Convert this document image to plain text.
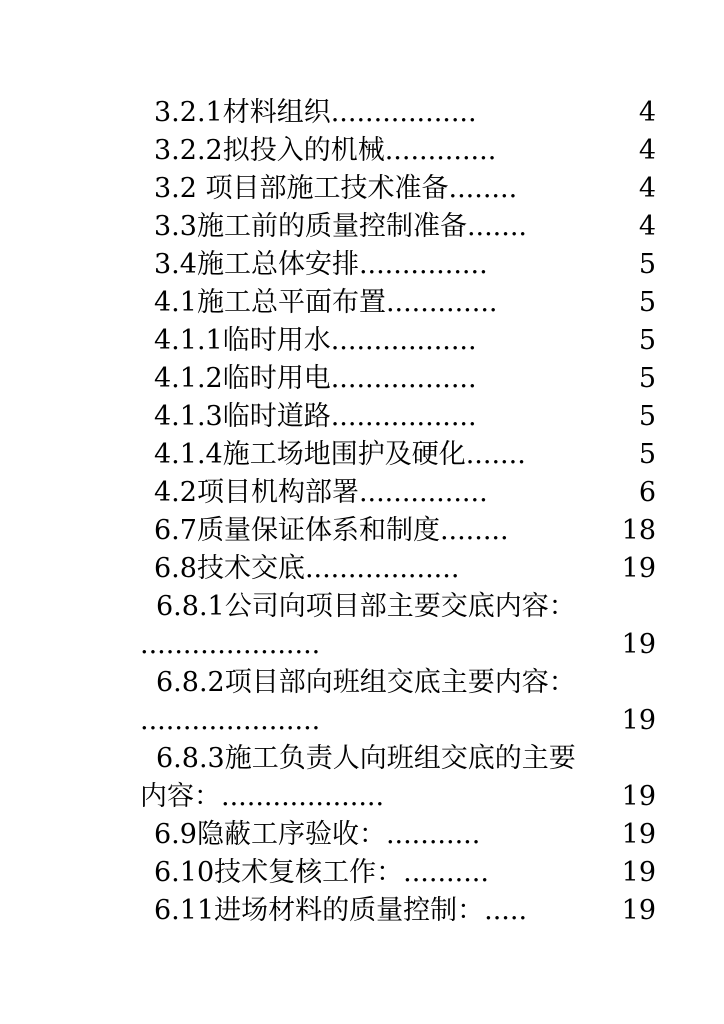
3.2.1材料组织.................	4
3.2.2拟投入的机械.............	4
3.2 项目部施工技术准备........	4
3.3施工前的质量控制准备.......	4
3.4施工总体安排...............	5
4.1施工总平面布置.............	5
4.1.1临时用水.................	5
4.1.2临时用电.................	5
4.1.3临时道路.................	5
4.1.4施工场地围护及硬化.......	5
4.2项目机构部署...............	6
6.7质量保证体系和制度........	18
6.8技术交底..................	19
6.8.1公司向项目部主要交底内容：
.....................	19
6.8.2项目部向班组交底主要内容：
.....................	19
6.8.3施工负责人向班组交底的主要
内容：...................	19
6.9隐蔽工序验收：...........	19
6.10技术复核工作：..........	19
6.11进场材料的质量控制：.....	19
